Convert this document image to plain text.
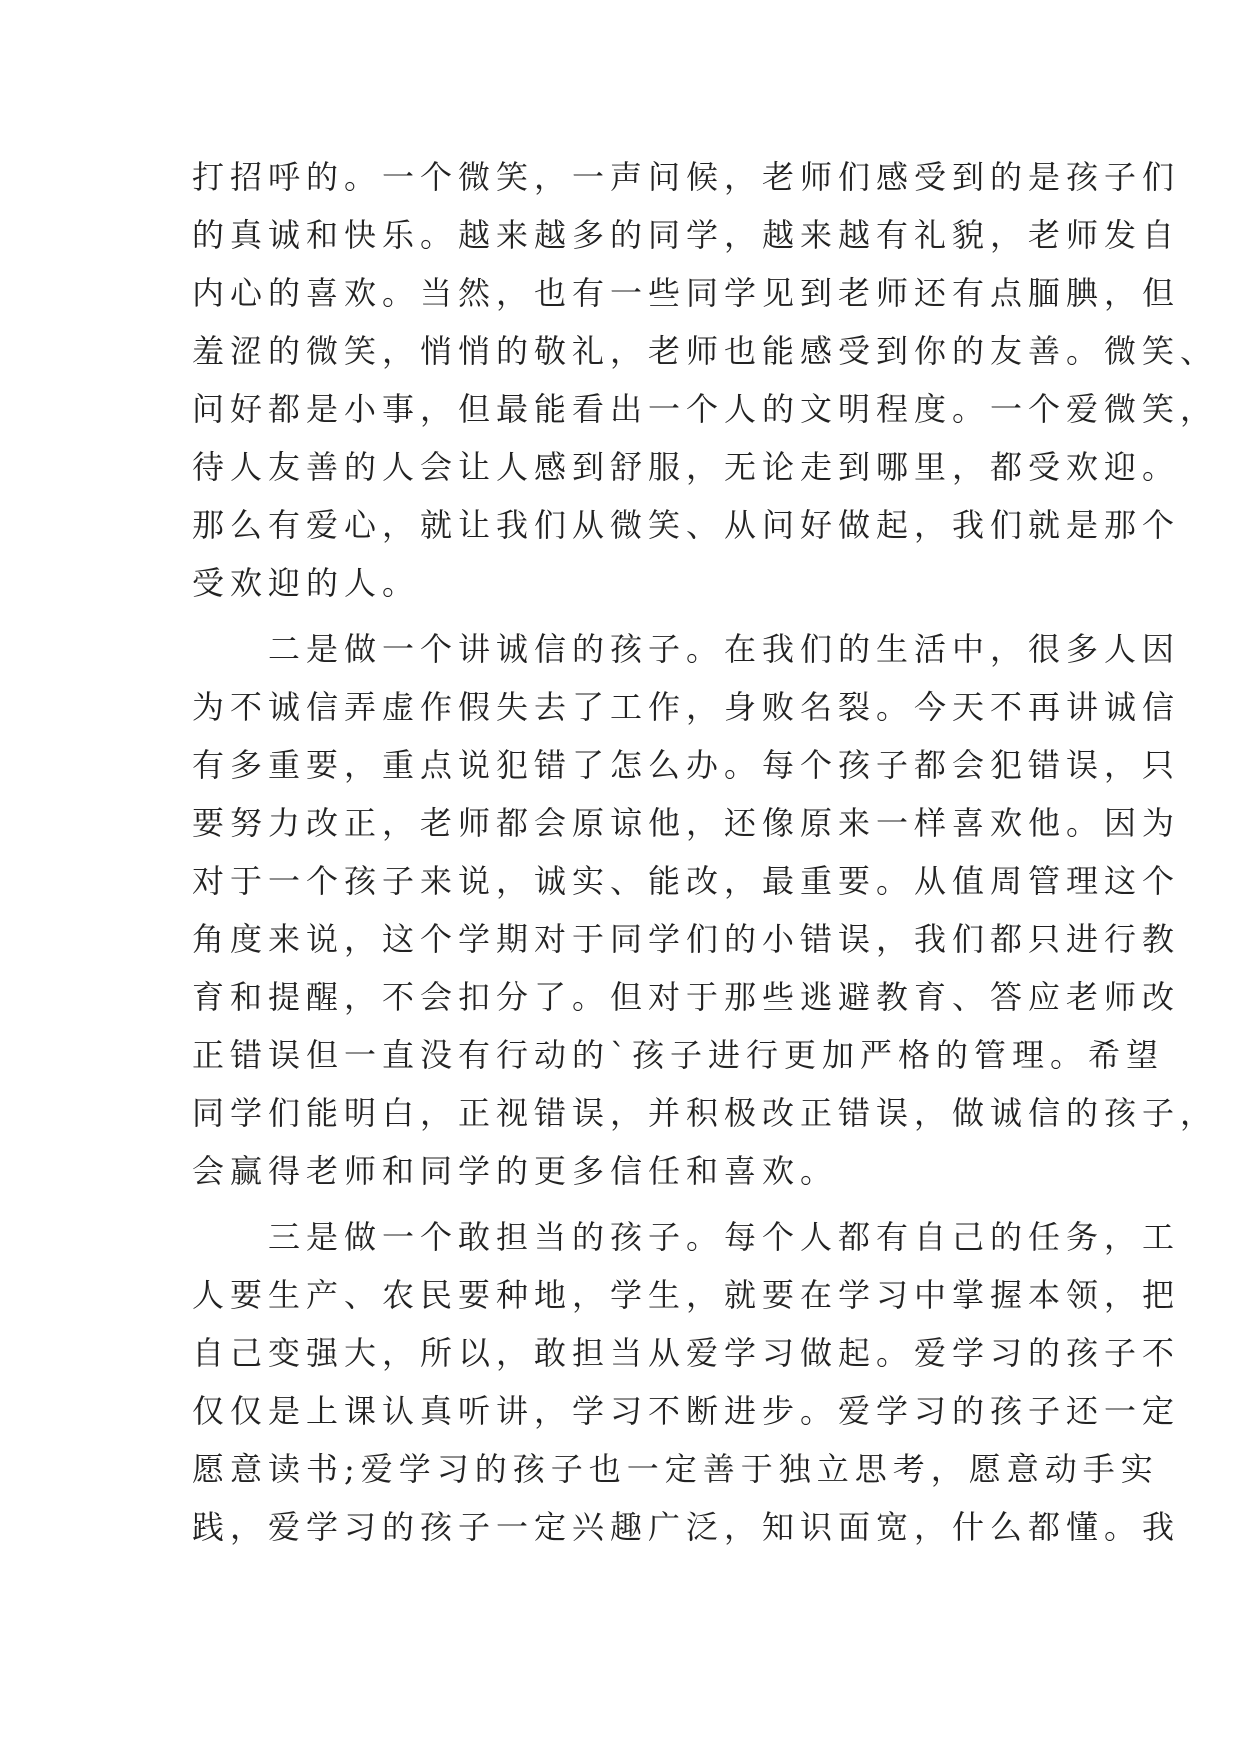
打招呼的。一个微笑，一声问候，老师们感受到的是孩子们
的真诚和快乐。越来越多的同学，越来越有礼貌，老师发自
内心的喜欢。当然，也有一些同学见到老师还有点腼腆，但
羞涩的微笑，悄悄的敬礼，老师也能感受到你的友善。微笑、
问好都是小事，但最能看出一个人的文明程度。一个爱微笑，
待人友善的人会让人感到舒服，无论走到哪里，都受欢迎。
那么有爱心，就让我们从微笑、从问好做起，我们就是那个
受欢迎的人。
　　二是做一个讲诚信的孩子。在我们的生活中，很多人因
为不诚信弄虚作假失去了工作，身败名裂。今天不再讲诚信
有多重要，重点说犯错了怎么办。每个孩子都会犯错误，只
要努力改正，老师都会原谅他，还像原来一样喜欢他。因为
对于一个孩子来说，诚实、能改，最重要。从值周管理这个
角度来说，这个学期对于同学们的小错误，我们都只进行教
育和提醒，不会扣分了。但对于那些逃避教育、答应老师改
正错误但一直没有行动的`孩子进行更加严格的管理。希望
同学们能明白，正视错误，并积极改正错误，做诚信的孩子，
会赢得老师和同学的更多信任和喜欢。
　　三是做一个敢担当的孩子。每个人都有自己的任务，工
人要生产、农民要种地，学生，就要在学习中掌握本领，把
自己变强大，所以，敢担当从爱学习做起。爱学习的孩子不
仅仅是上课认真听讲，学习不断进步。爱学习的孩子还一定
愿意读书;爱学习的孩子也一定善于独立思考，愿意动手实
践，爱学习的孩子一定兴趣广泛，知识面宽，什么都懂。我
